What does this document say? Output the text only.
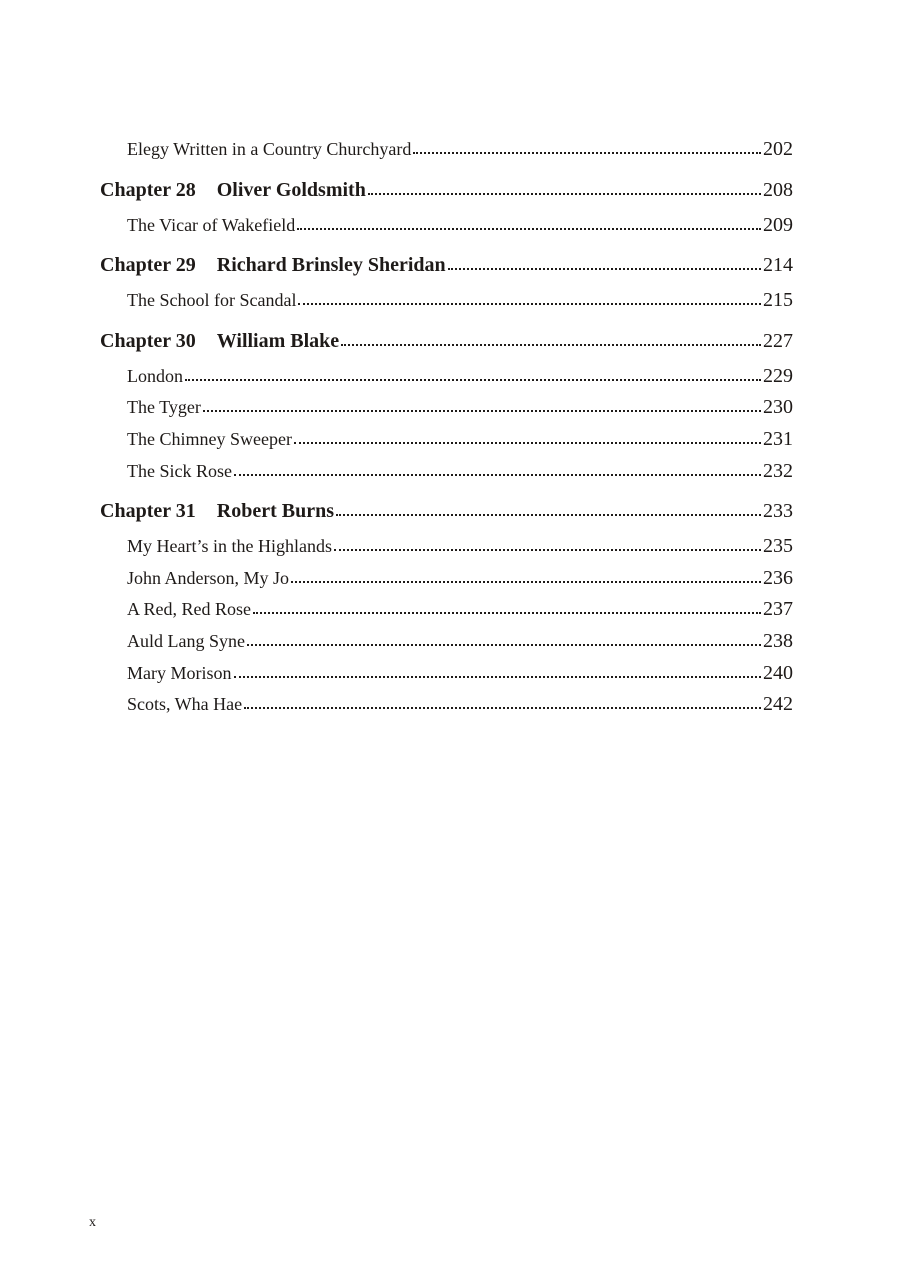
Elegy Written in a Country Churchyard	202
Chapter 28 Oliver Goldsmith	208
The Vicar of Wakefield	209
Chapter 29 Richard Brinsley Sheridan	214
The School for Scandal	215
Chapter 30 William Blake	227
London	229
The Tyger	230
The Chimney Sweeper	231
The Sick Rose	232
Chapter 31 Robert Burns	233
My Heart’s in the Highlands	235
John Anderson, My Jo	236
A Red, Red Rose	237
Auld Lang Syne	238
Mary Morison	240
Scots, Wha Hae	242
x
